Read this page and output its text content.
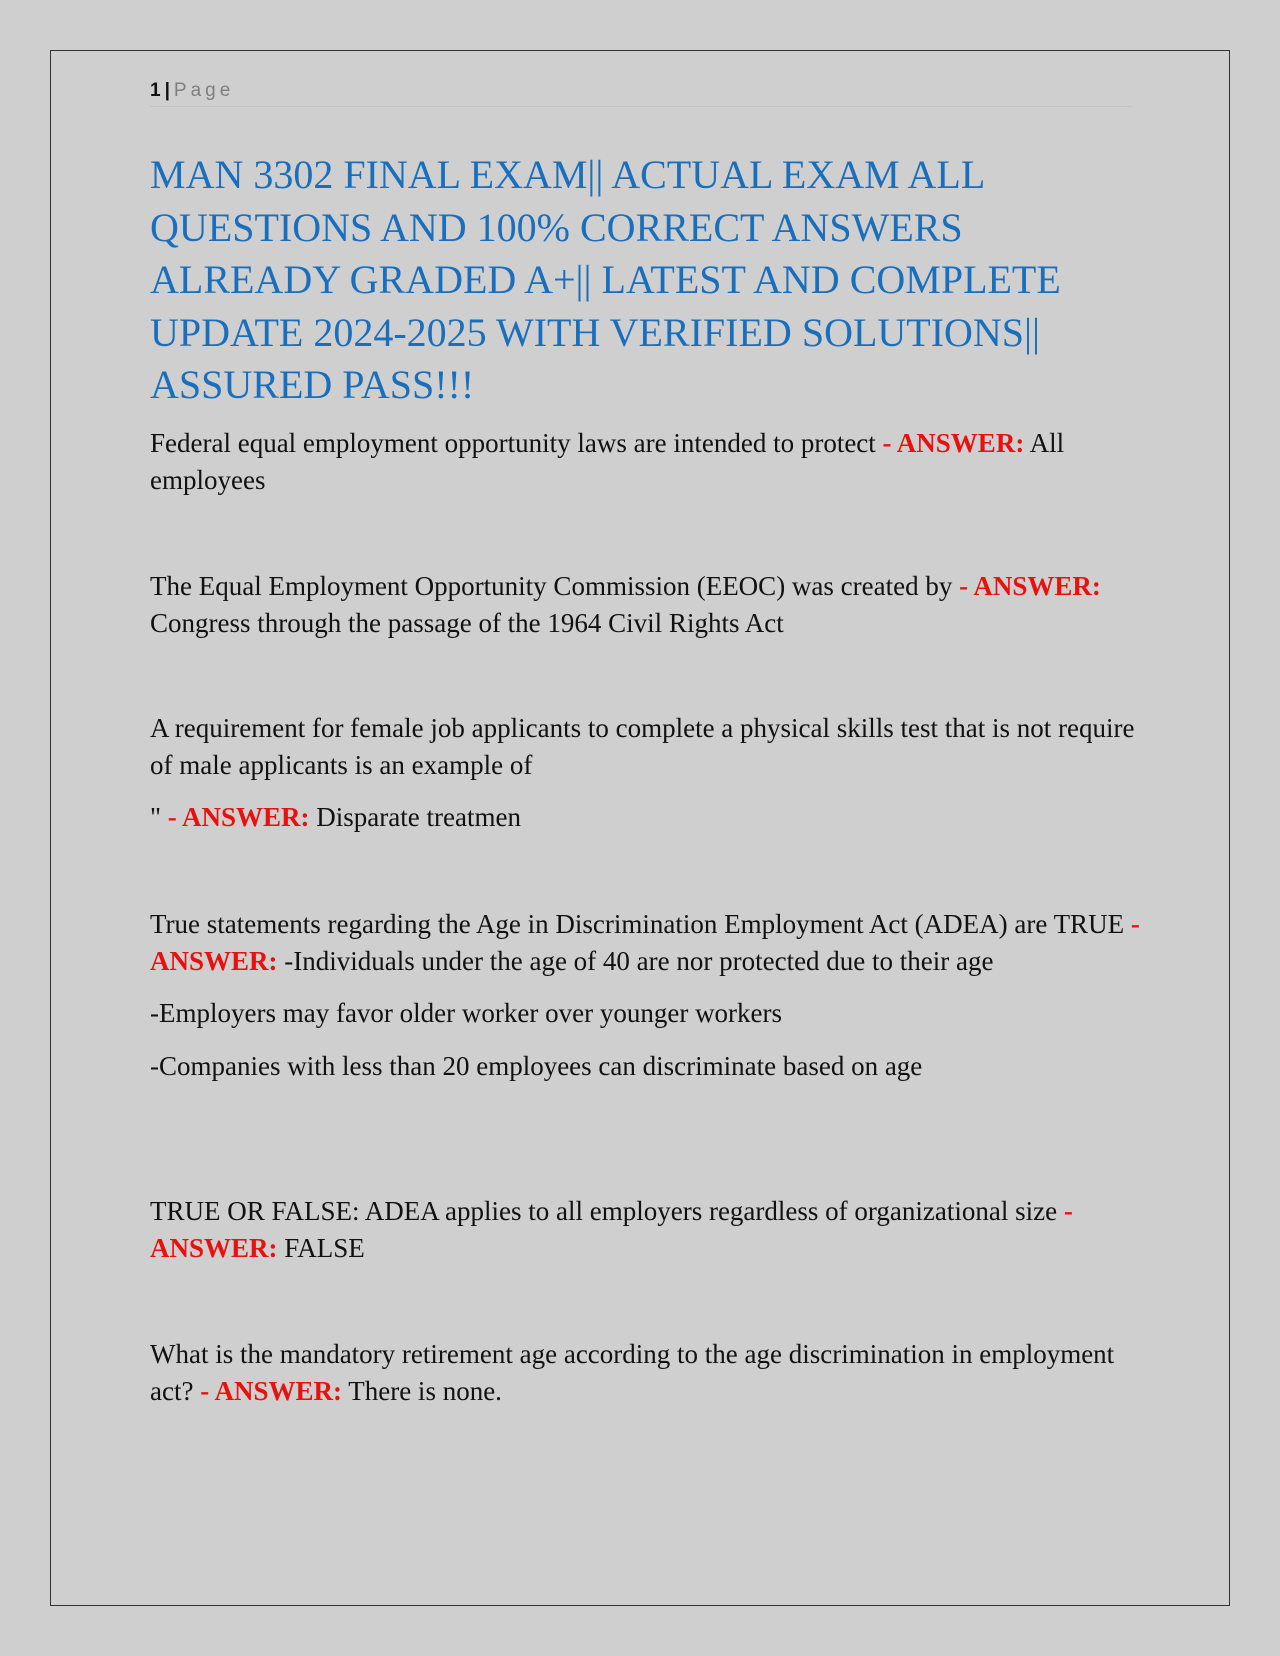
1 | Page
MAN 3302 FINAL EXAM|| ACTUAL EXAM ALL QUESTIONS AND 100% CORRECT ANSWERS ALREADY GRADED A+|| LATEST AND COMPLETE UPDATE 2024-2025 WITH VERIFIED SOLUTIONS|| ASSURED PASS!!!

Federal equal employment opportunity laws are intended to protect - ANSWER: All employees

The Equal Employment Opportunity Commission (EEOC) was created by - ANSWER: Congress through the passage of the 1964 Civil Rights Act

A requirement for female job applicants to complete a physical skills test that is not require of male applicants is an example of

" - ANSWER: Disparate treatmen

True statements regarding the Age in Discrimination Employment Act (ADEA) are TRUE - ANSWER: -Individuals under the age of 40 are nor protected due to their age

-Employers may favor older worker over younger workers

-Companies with less than 20 employees can discriminate based on age

TRUE OR FALSE: ADEA applies to all employers regardless of organizational size - ANSWER: FALSE

What is the mandatory retirement age according to the age discrimination in employment act? - ANSWER: There is none.
